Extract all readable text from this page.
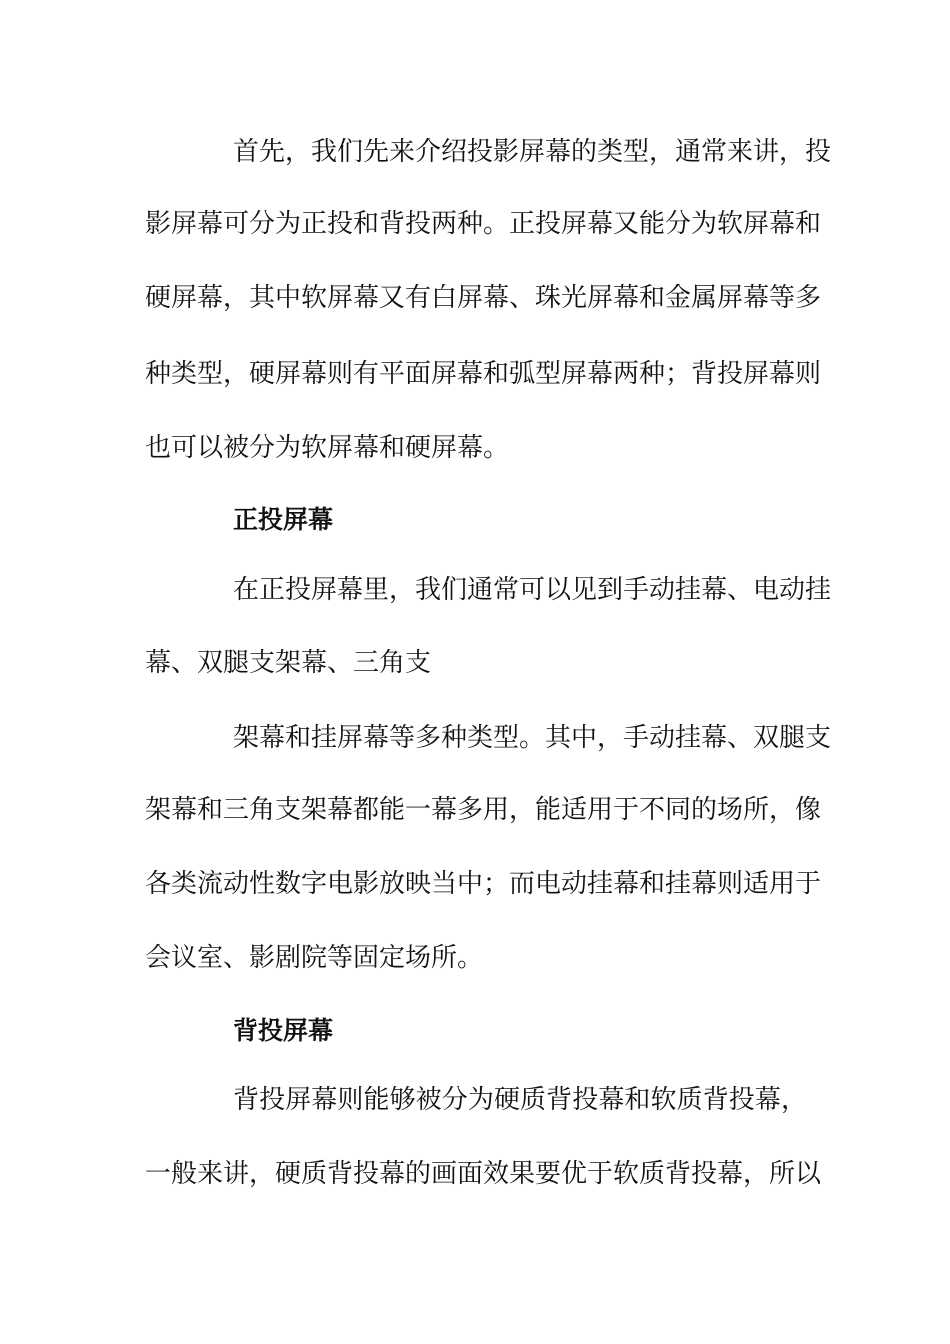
首先，我们先来介绍投影屏幕的类型，通常来讲，投
影屏幕可分为正投和背投两种。正投屏幕又能分为软屏幕和
硬屏幕，其中软屏幕又有白屏幕、珠光屏幕和金属屏幕等多
种类型，硬屏幕则有平面屏幕和弧型屏幕两种；背投屏幕则
也可以被分为软屏幕和硬屏幕。
正投屏幕
在正投屏幕里，我们通常可以见到手动挂幕、电动挂
幕、双腿支架幕、三角支
架幕和挂屏幕等多种类型。其中，手动挂幕、双腿支
架幕和三角支架幕都能一幕多用，能适用于不同的场所，像
各类流动性数字电影放映当中；而电动挂幕和挂幕则适用于
会议室、影剧院等固定场所。
背投屏幕
背投屏幕则能够被分为硬质背投幕和软质背投幕，
一般来讲，硬质背投幕的画面效果要优于软质背投幕，所以
